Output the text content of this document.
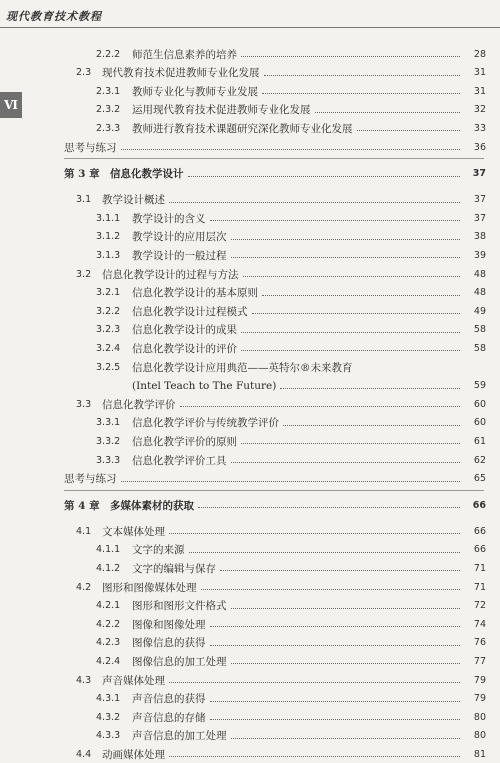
现代教育技术教程
Ⅵ
2.2.2	师范生信息素养的培养	28
2.3	现代教育技术促进教师专业化发展	31
2.3.1	教师专业化与教师专业发展	31
2.3.2	运用现代教育技术促进教师专业化发展	32
2.3.3	教师进行教育技术课题研究深化教师专业化发展	33
思考与练习	36
第 3 章 信息化教学设计	37
3.1	教学设计概述	37
3.1.1	教学设计的含义	37
3.1.2	教学设计的应用层次	38
3.1.3	教学设计的一般过程	39
3.2	信息化教学设计的过程与方法	48
3.2.1	信息化教学设计的基本原则	48
3.2.2	信息化教学设计过程模式	49
3.2.3	信息化教学设计的成果	58
3.2.4	信息化教学设计的评价	58
3.2.5	信息化教学设计应用典范——英特尔®未来教育
(Intel Teach to The Future)	59
3.3	信息化教学评价	60
3.3.1	信息化教学评价与传统教学评价	60
3.3.2	信息化教学评价的原则	61
3.3.3	信息化教学评价工具	62
思考与练习	65
第 4 章 多媒体素材的获取	66
4.1	文本媒体处理	66
4.1.1	文字的来源	66
4.1.2	文字的编辑与保存	71
4.2	图形和图像媒体处理	71
4.2.1	图形和图形文件格式	72
4.2.2	图像和图像处理	74
4.2.3	图像信息的获得	76
4.2.4	图像信息的加工处理	77
4.3	声音媒体处理	79
4.3.1	声音信息的获得	79
4.3.2	声音信息的存储	80
4.3.3	声音信息的加工处理	80
4.4	动画媒体处理	81
